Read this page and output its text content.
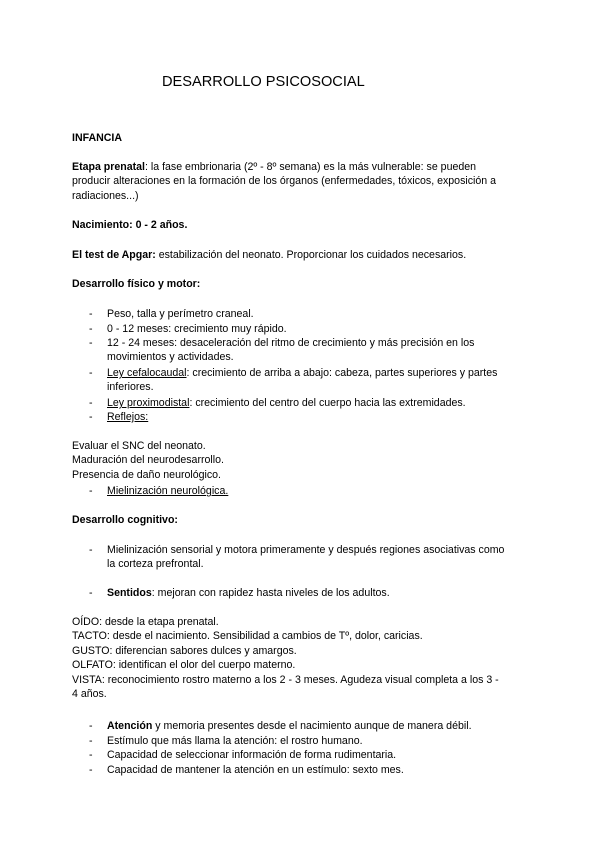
DESARROLLO PSICOSOCIAL
INFANCIA
Etapa prenatal: la fase embrionaria (2º - 8º semana) es la más vulnerable: se pueden
producir alteraciones en la formación de los órganos (enfermedades, tóxicos, exposición a
radiaciones...)
Nacimiento: 0 - 2 años.
El test de Apgar: estabilización del neonato. Proporcionar los cuidados necesarios.
Desarrollo físico y motor:
- Peso, talla y perímetro craneal.
- 0 - 12 meses: crecimiento muy rápido.
- 12 - 24 meses: desaceleración del ritmo de crecimiento y más precisión en los
movimientos y actividades.
- Ley cefalocaudal: crecimiento de arriba a abajo: cabeza, partes superiores y partes
inferiores.
- Ley proximodistal: crecimiento del centro del cuerpo hacia las extremidades.
- Reflejos:
Evaluar el SNC del neonato.
Maduración del neurodesarrollo.
Presencia de daño neurológico.
- Mielinización neurológica.
Desarrollo cognitivo:
- Mielinización sensorial y motora primeramente y después regiones asociativas como
la corteza prefrontal.
- Sentidos: mejoran con rapidez hasta niveles de los adultos.
OÍDO: desde la etapa prenatal.
TACTO: desde el nacimiento. Sensibilidad a cambios de Tº, dolor, caricias.
GUSTO: diferencian sabores dulces y amargos.
OLFATO: identifican el olor del cuerpo materno.
VISTA: reconocimiento rostro materno a los 2 - 3 meses. Agudeza visual completa a los 3 -
4 años.
- Atención y memoria presentes desde el nacimiento aunque de manera débil.
- Estímulo que más llama la atención: el rostro humano.
- Capacidad de seleccionar información de forma rudimentaria.
- Capacidad de mantener la atención en un estímulo: sexto mes.
